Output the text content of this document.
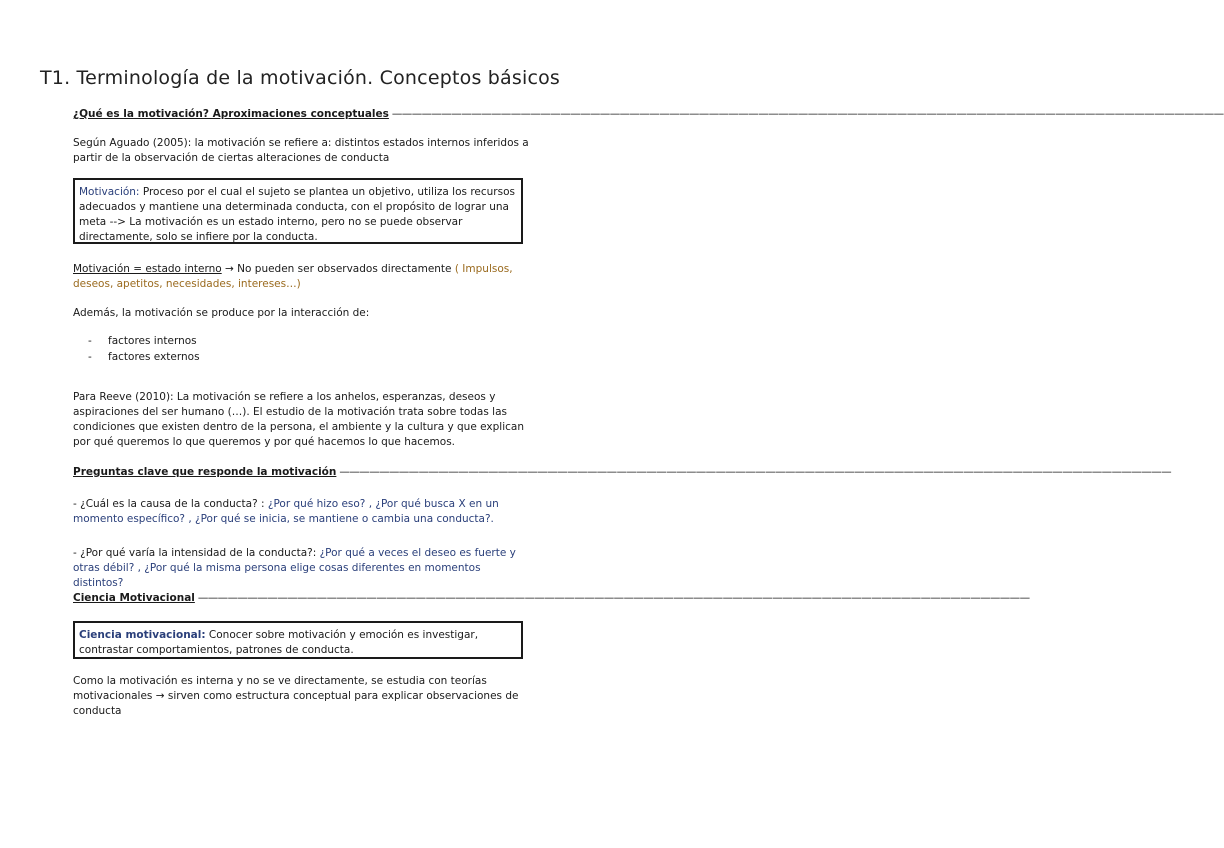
T1. Terminología de la motivación. Conceptos básicos
¿Qué es la motivación? Aproximaciones conceptuales ————————————————————————————————————————————————————————————————————————————————————
Según Aguado (2005): la motivación se refiere a: distintos estados internos inferidos a partir de la observación de ciertas alteraciones de conducta
Motivación: Proceso por el cual el sujeto se plantea un objetivo, utiliza los recursos adecuados y mantiene una determinada conducta, con el propósito de lograr una meta --> La motivación es un estado interno, pero no se puede observar directamente, solo se infiere por la conducta.
Motivación = estado interno → No pueden ser observados directamente ( Impulsos, deseos, apetitos, necesidades, intereses…)
Además, la motivación se produce por la interacción de:
- factores internos
- factores externos
Para Reeve (2010): La motivación se refiere a los anhelos, esperanzas, deseos y aspiraciones del ser humano (…). El estudio de la motivación trata sobre todas las condiciones que existen dentro de la persona, el ambiente y la cultura y que explican por qué queremos lo que queremos y por qué hacemos lo que hacemos.
Preguntas clave que responde la motivación ————————————————————————————————————————————————————————————————————————————————————
- ¿Cuál es la causa de la conducta? : ¿Por qué hizo eso? , ¿Por qué busca X en un momento específico? , ¿Por qué se inicia, se mantiene o cambia una conducta?.
- ¿Por qué varía la intensidad de la conducta?: ¿Por qué a veces el deseo es fuerte y otras débil? , ¿Por qué la misma persona elige cosas diferentes en momentos distintos?
Ciencia Motivacional ————————————————————————————————————————————————————————————————————————————————————
Ciencia motivacional: Conocer sobre motivación y emoción es investigar, contrastar comportamientos, patrones de conducta.
Como la motivación es interna y no se ve directamente, se estudia con teorías motivacionales → sirven como estructura conceptual para explicar observaciones de conducta
